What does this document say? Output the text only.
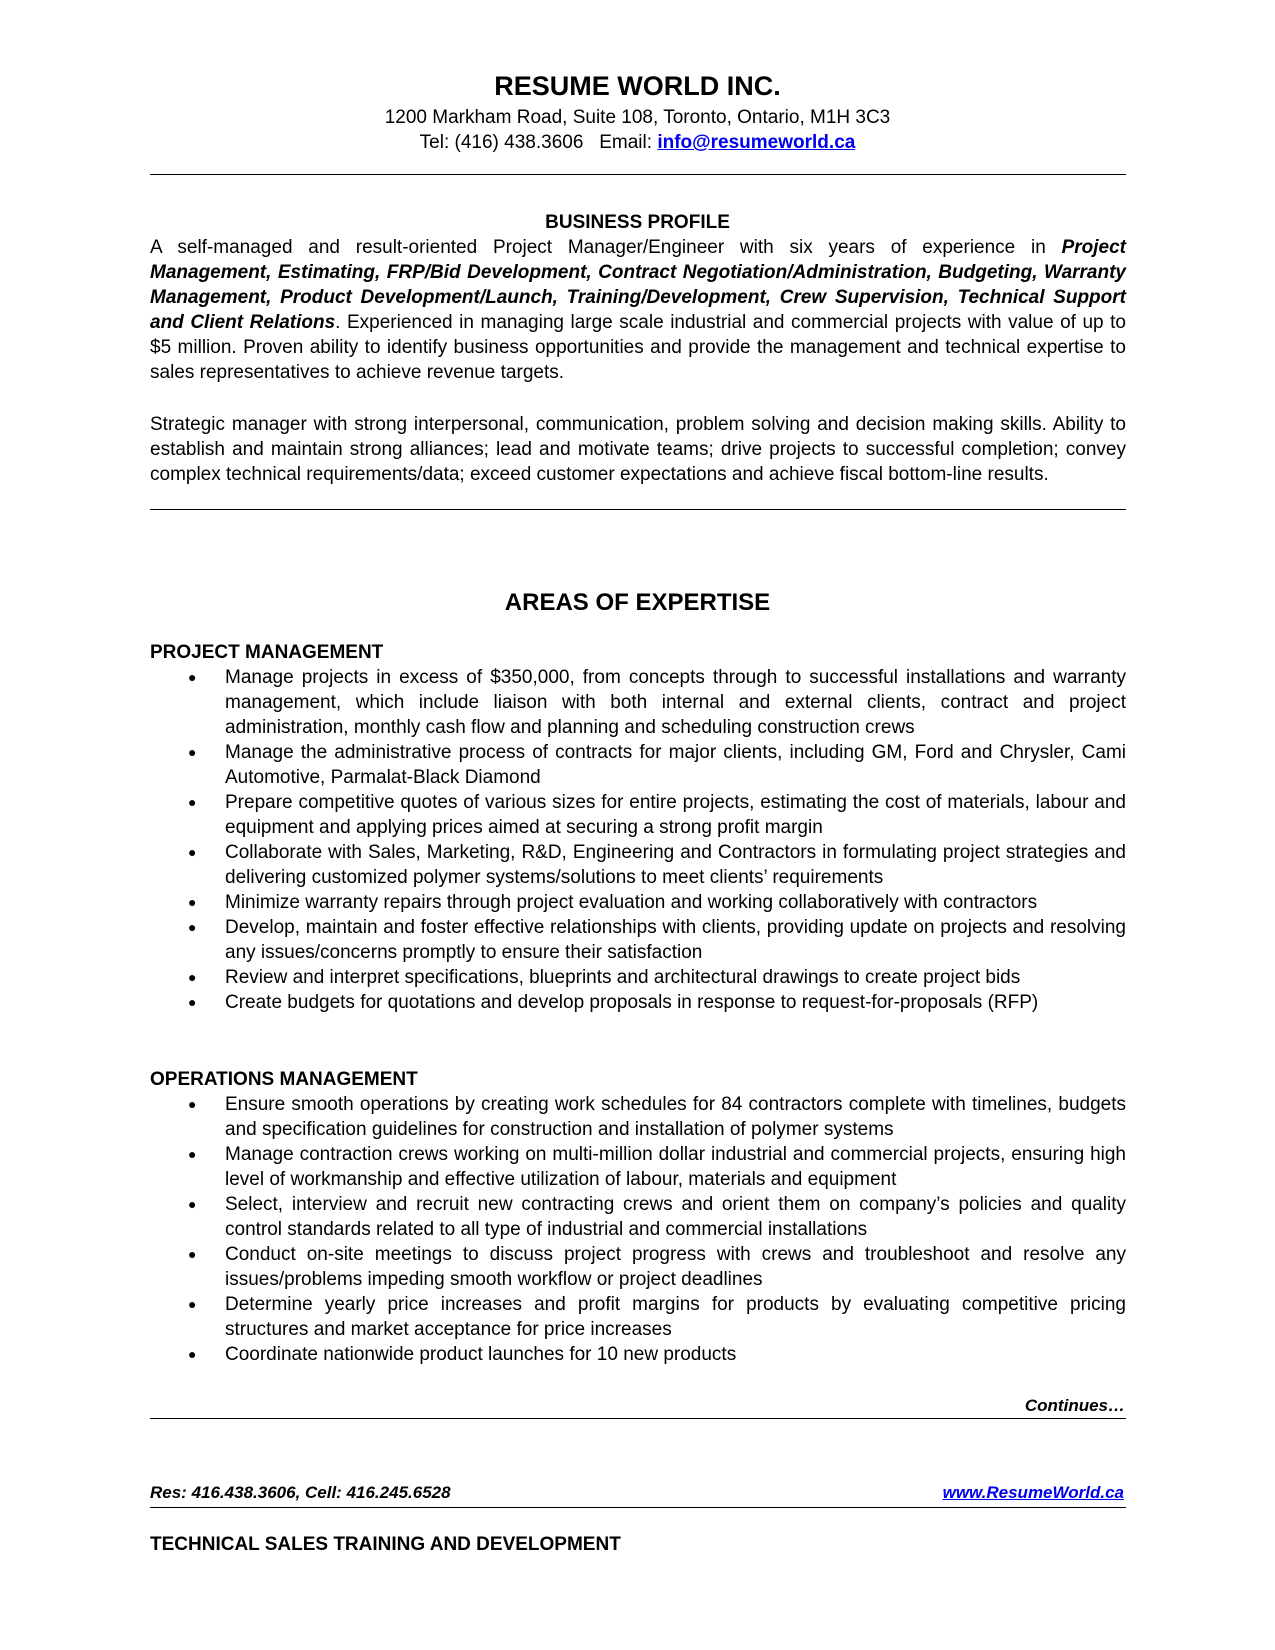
RESUME WORLD INC.
1200 Markham Road, Suite 108, Toronto, Ontario, M1H 3C3
Tel: (416) 438.3606   Email: info@resumeworld.ca
BUSINESS PROFILE
A self-managed and result-oriented Project Manager/Engineer with six years of experience in Project Management, Estimating, FRP/Bid Development, Contract Negotiation/Administration, Budgeting, Warranty Management, Product Development/Launch, Training/Development, Crew Supervision, Technical Support and Client Relations. Experienced in managing large scale industrial and commercial projects with value of up to $5 million. Proven ability to identify business opportunities and provide the management and technical expertise to sales representatives to achieve revenue targets.
Strategic manager with strong interpersonal, communication, problem solving and decision making skills. Ability to establish and maintain strong alliances; lead and motivate teams; drive projects to successful completion; convey complex technical requirements/data; exceed customer expectations and achieve fiscal bottom-line results.
AREAS OF EXPERTISE
PROJECT MANAGEMENT
● Manage projects in excess of $350,000, from concepts through to successful installations and warranty management, which include liaison with both internal and external clients, contract and project administration, monthly cash flow and planning and scheduling construction crews
● Manage the administrative process of contracts for major clients, including GM, Ford and Chrysler, Cami Automotive, Parmalat-Black Diamond
● Prepare competitive quotes of various sizes for entire projects, estimating the cost of materials, labour and equipment and applying prices aimed at securing a strong profit margin
● Collaborate with Sales, Marketing, R&D, Engineering and Contractors in formulating project strategies and delivering customized polymer systems/solutions to meet clients’ requirements
● Minimize warranty repairs through project evaluation and working collaboratively with contractors
● Develop, maintain and foster effective relationships with clients, providing update on projects and resolving any issues/concerns promptly to ensure their satisfaction
● Review and interpret specifications, blueprints and architectural drawings to create project bids
● Create budgets for quotations and develop proposals in response to request-for-proposals (RFP)
OPERATIONS MANAGEMENT
● Ensure smooth operations by creating work schedules for 84 contractors complete with timelines, budgets and specification guidelines for construction and installation of polymer systems
● Manage contraction crews working on multi-million dollar industrial and commercial projects, ensuring high level of workmanship and effective utilization of labour, materials and equipment
● Select, interview and recruit new contracting crews and orient them on company’s policies and quality control standards related to all type of industrial and commercial installations
● Conduct on-site meetings to discuss project progress with crews and troubleshoot and resolve any issues/problems impeding smooth workflow or project deadlines
● Determine yearly price increases and profit margins for products by evaluating competitive pricing structures and market acceptance for price increases
● Coordinate nationwide product launches for 10 new products
Continues…
Res: 416.438.3606, Cell: 416.245.6528	www.ResumeWorld.ca
TECHNICAL SALES TRAINING AND DEVELOPMENT
